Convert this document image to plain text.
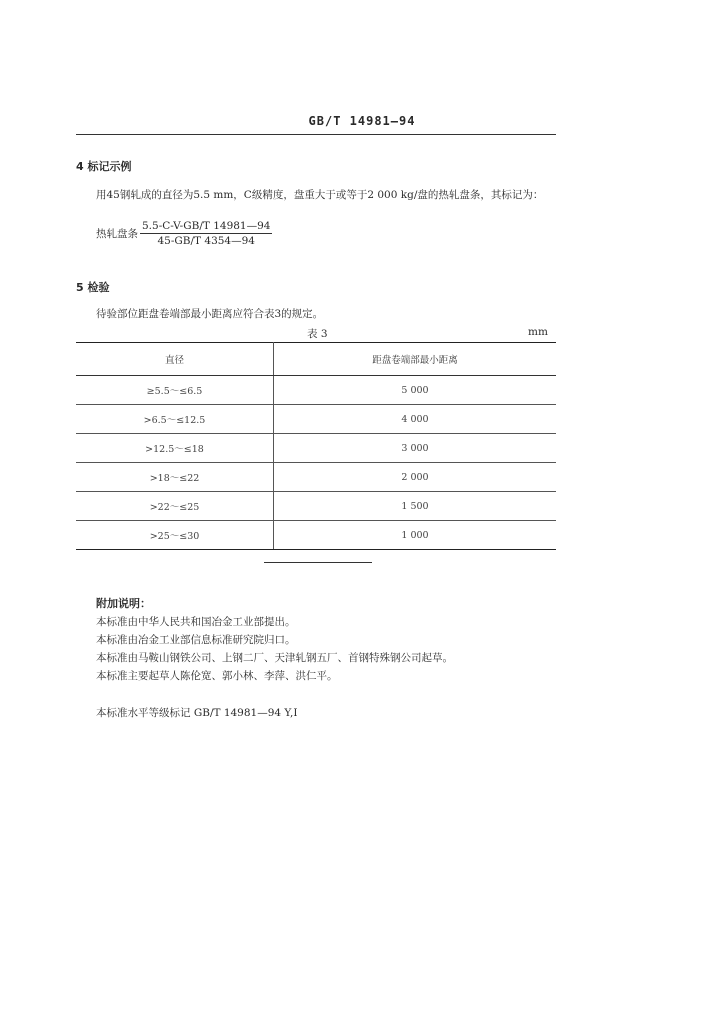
GB/T 14981—94
4 标记示例
用45钢轧成的直径为5.5 mm，C级精度，盘重大于或等于2 000 kg/盘的热轧盘条，其标记为：
热轧盘条 $\frac{5.5-C-V-GB/T 14981—94}{45-GB/T 4354—94}$
5 检验
待验部位距盘卷端部最小距离应符合表3的规定。
表 3	mm
直径	距盘卷端部最小距离
≥5.5～≤6.5	5 000
>6.5～≤12.5	4 000
>12.5～≤18	3 000
>18～≤22	2 000
>22～≤25	1 500
>25～≤30	1 000
附加说明：
本标准由中华人民共和国冶金工业部提出。
本标准由冶金工业部信息标准研究院归口。
本标准由马鞍山钢铁公司、上钢二厂、天津轧钢五厂、首钢特殊钢公司起草。
本标准主要起草人陈伦宽、郭小林、李萍、洪仁平。
本标准水平等级标记 GB/T 14981—94 Y,I
